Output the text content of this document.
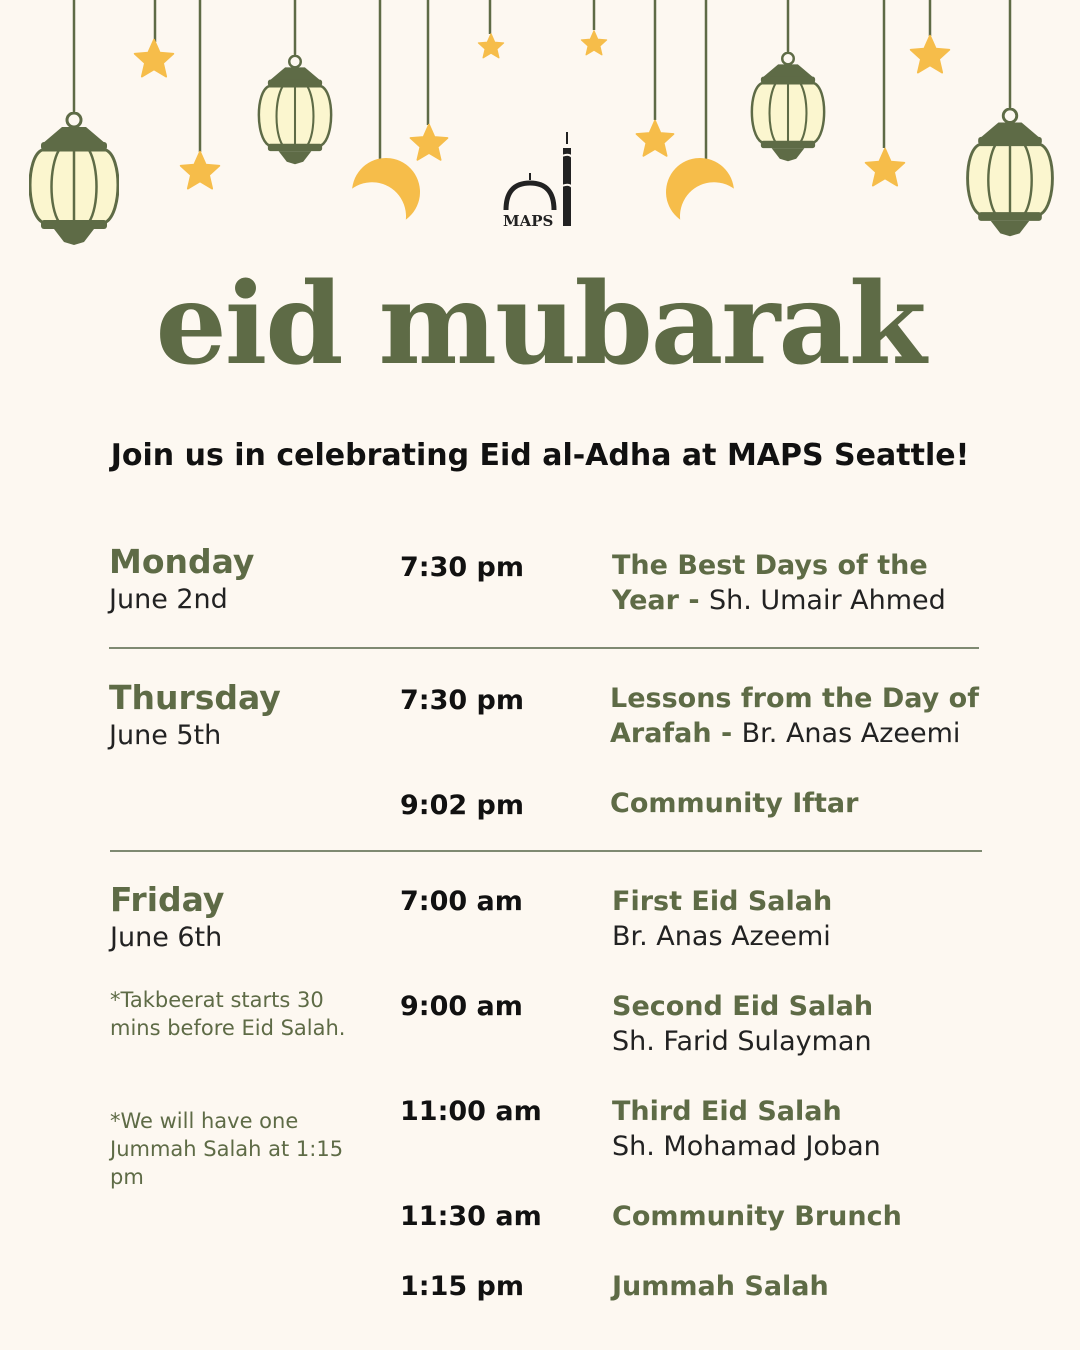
MAPS
eid mubarak
Join us in celebrating Eid al-Adha at MAPS Seattle!
Monday
June 2nd
7:30 pm	The Best Days of the
Year - Sh. Umair Ahmed
Thursday
June 5th
7:30 pm	Lessons from the Day of
Arafah - Br. Anas Azeemi
9:02 pm	Community Iftar
Friday
June 6th
*Takbeerat starts 30 mins before Eid Salah.
*We will have one Jummah Salah at 1:15 pm
7:00 am	First Eid Salah
Br. Anas Azeemi
9:00 am	Second Eid Salah
Sh. Farid Sulayman
11:00 am	Third Eid Salah
Sh. Mohamad Joban
11:30 am	Community Brunch
1:15 pm	Jummah Salah
